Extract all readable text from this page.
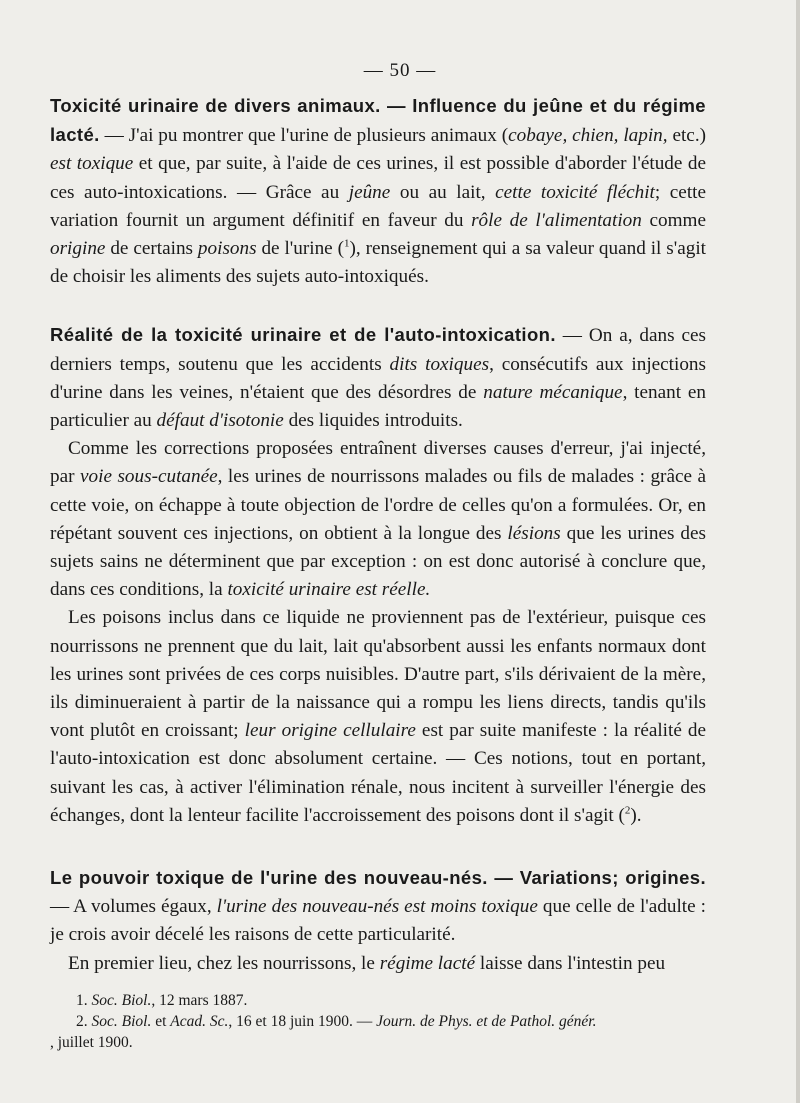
— 50 —

Toxicité urinaire de divers animaux. — Influence du jeûne et du régime lacté. — J'ai pu montrer que l'urine de plusieurs animaux (cobaye, chien, lapin, etc.) est toxique et que, par suite, à l'aide de ces urines, il est possible d'aborder l'étude de ces auto-intoxications. — Grâce au jeûne ou au lait, cette toxicité fléchit; cette variation fournit un argument définitif en faveur du rôle de l'alimentation comme origine de certains poisons de l'urine ($^1$), renseignement qui a sa valeur quand il s'agit de choisir les aliments des sujets auto-intoxiqués.

Réalité de la toxicité urinaire et de l'auto-intoxication. — On a, dans ces derniers temps, soutenu que les accidents dits toxiques, consécutifs aux injections d'urine dans les veines, n'étaient que des désordres de nature mécanique, tenant en particulier au défaut d'isotonie des liquides introduits.

Comme les corrections proposées entraînent diverses causes d'erreur, j'ai injecté, par voie sous-cutanée, les urines de nourrissons malades ou fils de malades : grâce à cette voie, on échappe à toute objection de l'ordre de celles qu'on a formulées. Or, en répétant souvent ces injections, on obtient à la longue des lésions que les urines des sujets sains ne déterminent que par exception : on est donc autorisé à conclure que, dans ces conditions, la toxicité urinaire est réelle.

Les poisons inclus dans ce liquide ne proviennent pas de l'extérieur, puisque ces nourrissons ne prennent que du lait, lait qu'absorbent aussi les enfants normaux dont les urines sont privées de ces corps nuisibles. D'autre part, s'ils dérivaient de la mère, ils diminueraient à partir de la naissance qui a rompu les liens directs, tandis qu'ils vont plutôt en croissant; leur origine cellulaire est par suite manifeste : la réalité de l'auto-intoxication est donc absolument certaine. — Ces notions, tout en portant, suivant les cas, à activer l'élimination rénale, nous incitent à surveiller l'énergie des échanges, dont la lenteur facilite l'accroissement des poisons dont il s'agit ($^2$).

Le pouvoir toxique de l'urine des nouveau-nés. — Variations; origines. — A volumes égaux, l'urine des nouveau-nés est moins toxique que celle de l'adulte : je crois avoir décelé les raisons de cette particularité.

En premier lieu, chez les nourrissons, le régime lacté laisse dans l'intestin peu

1. Soc. Biol., 12 mars 1887.

2. Soc. Biol. et Acad. Sc., 16 et 18 juin 1900. — Journ. de Phys. et de Pathol. génér.
, juillet 1900.
